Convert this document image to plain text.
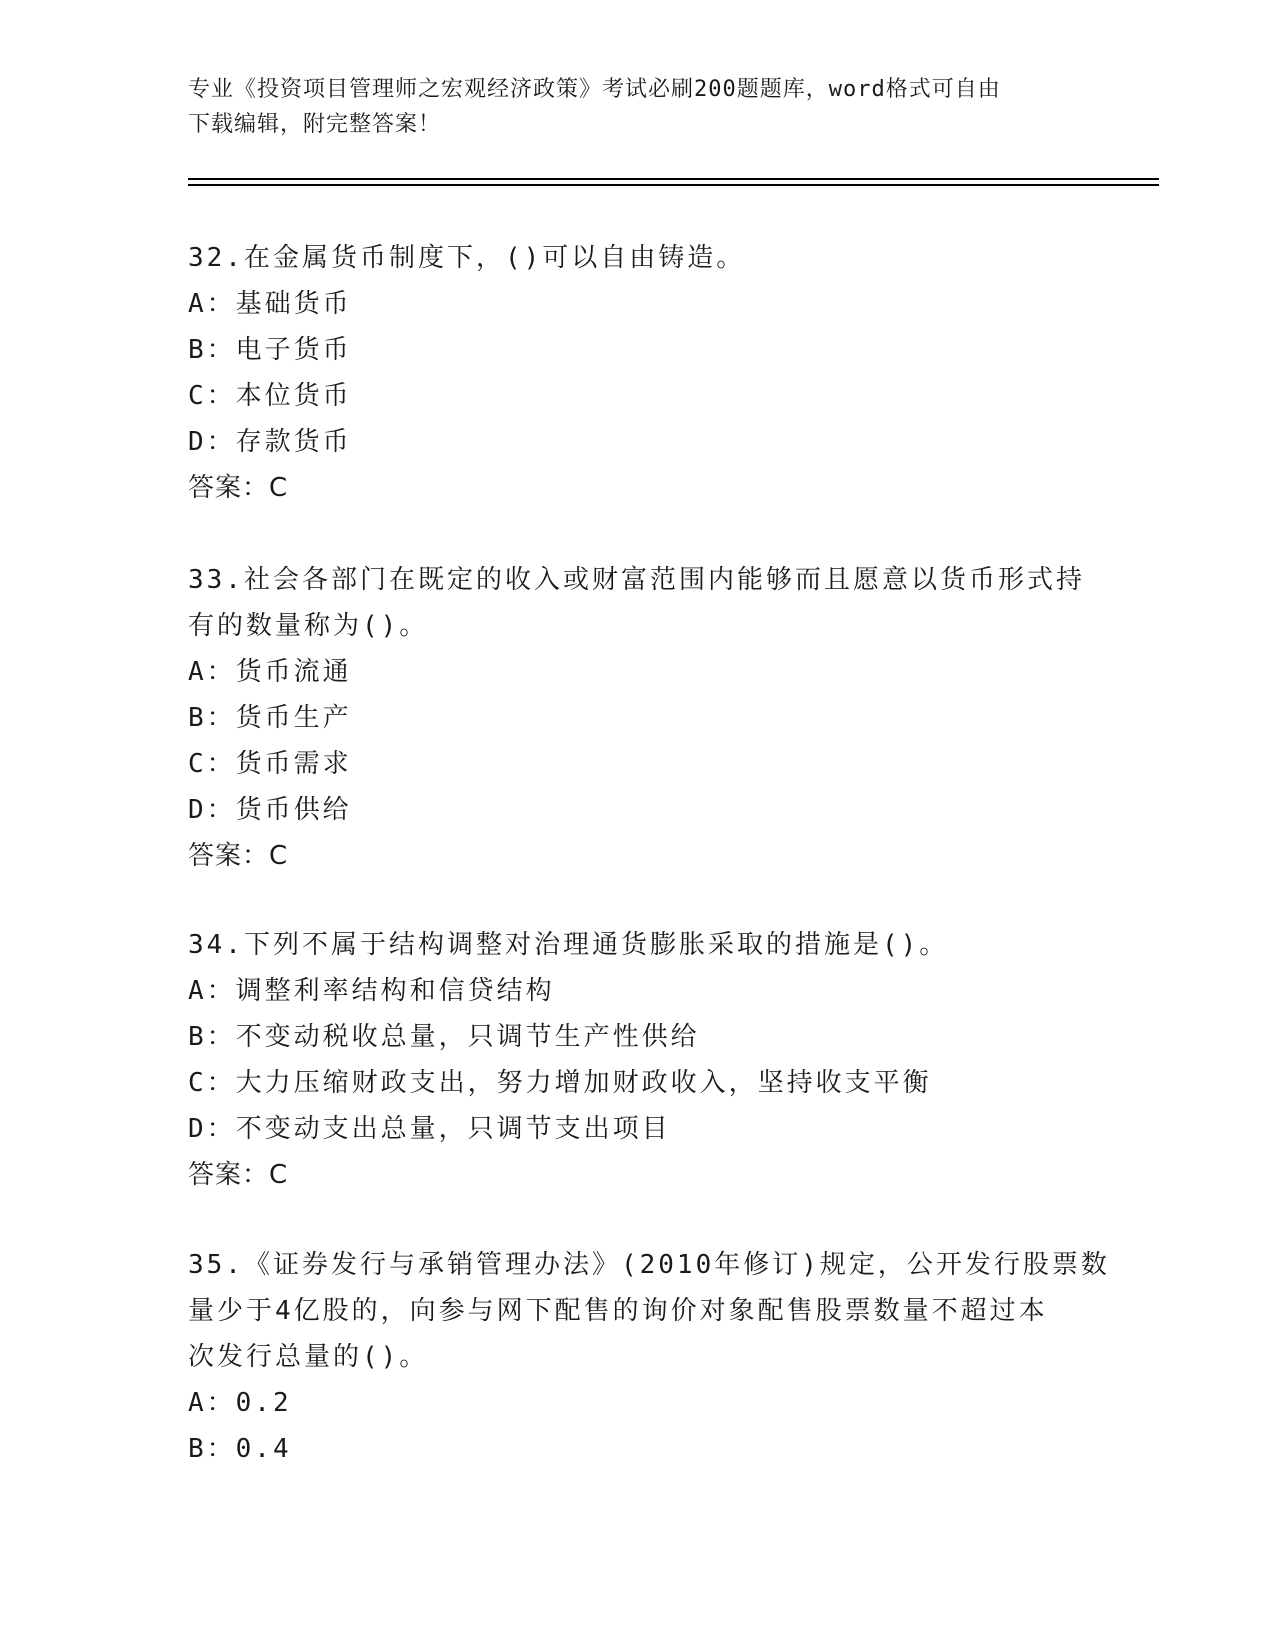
专业《投资项目管理师之宏观经济政策》考试必刷200题题库，word格式可自由
下载编辑，附完整答案！
32.在金属货币制度下，()可以自由铸造。
A：基础货币
B：电子货币
C：本位货币
D：存款货币
答案：C
33.社会各部门在既定的收入或财富范围内能够而且愿意以货币形式持
有的数量称为()。
A：货币流通
B：货币生产
C：货币需求
D：货币供给
答案：C
34.下列不属于结构调整对治理通货膨胀采取的措施是()。
A：调整利率结构和信贷结构
B：不变动税收总量，只调节生产性供给
C：大力压缩财政支出，努力增加财政收入，坚持收支平衡
D：不变动支出总量，只调节支出项目
答案：C
35.《证券发行与承销管理办法》(2010年修订)规定，公开发行股票数
量少于4亿股的，向参与网下配售的询价对象配售股票数量不超过本
次发行总量的()。
A：0.2
B：0.4
